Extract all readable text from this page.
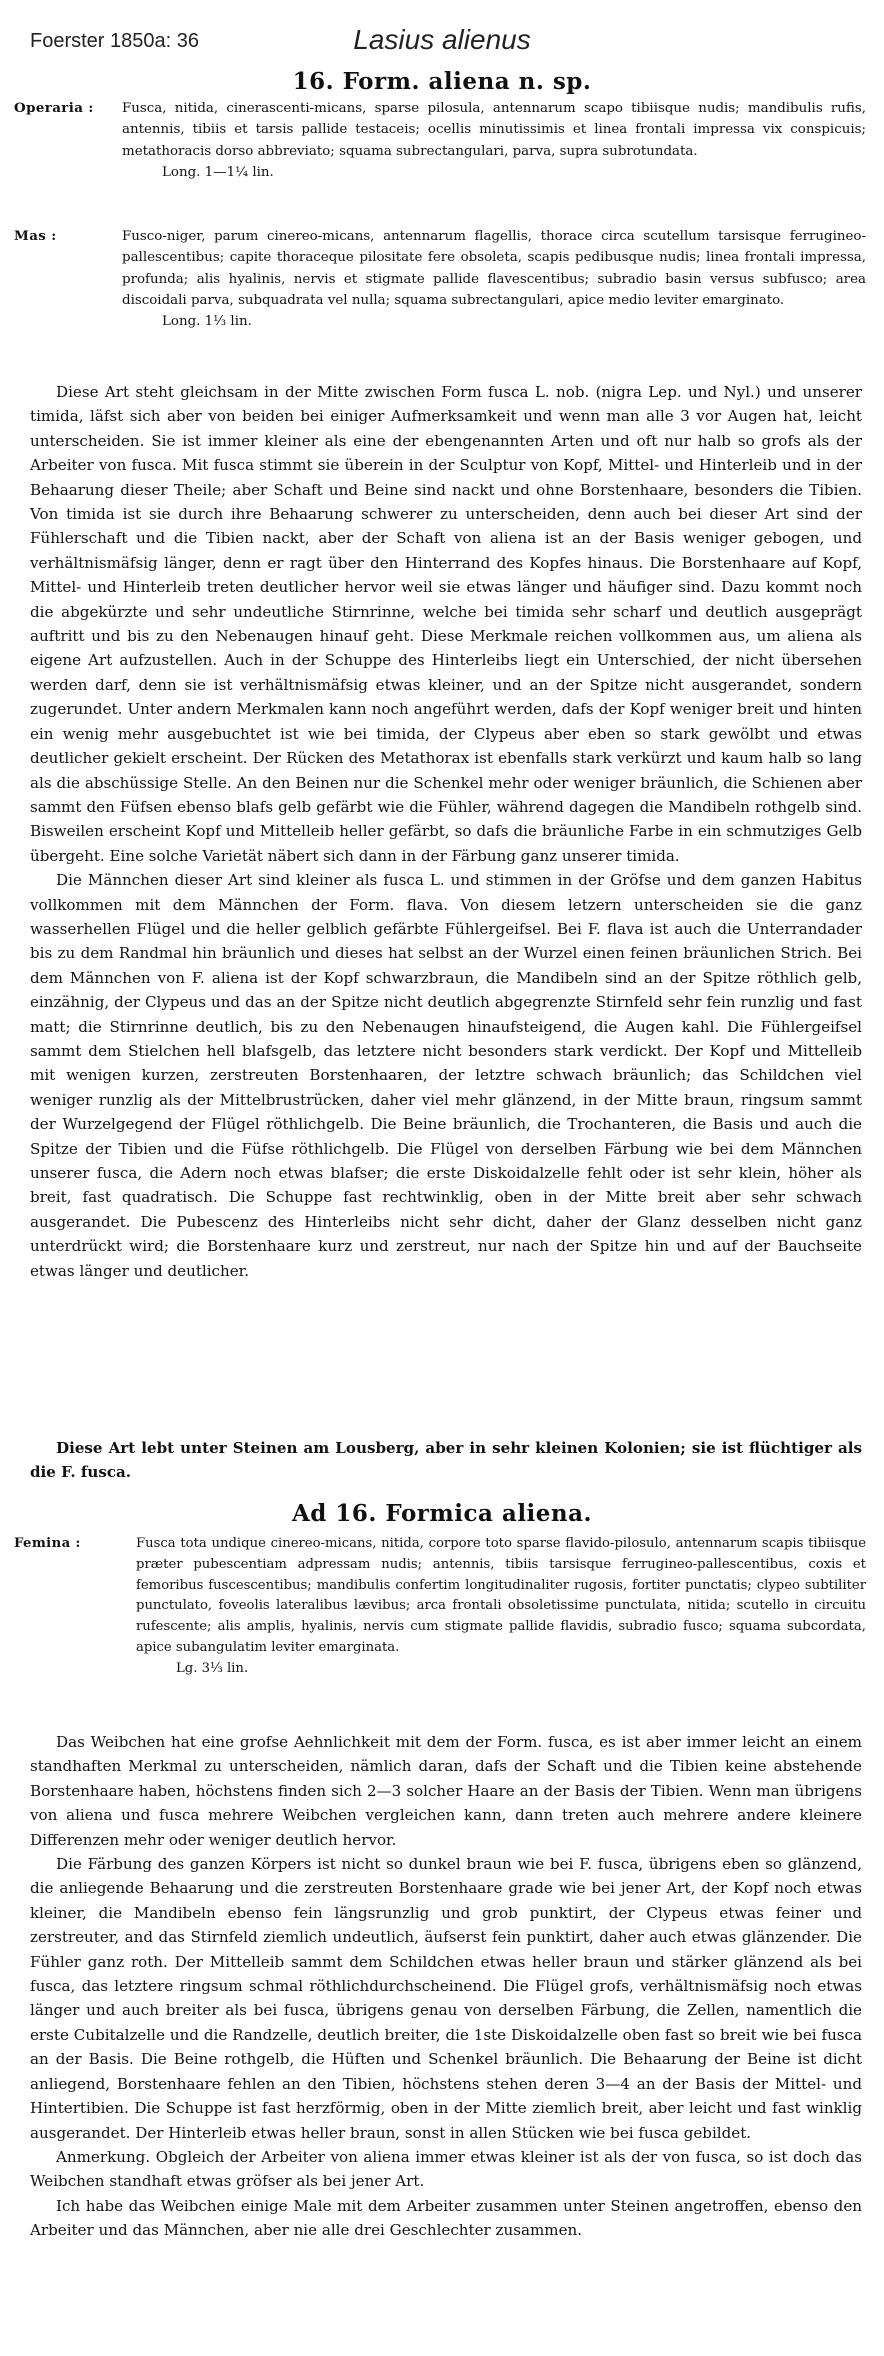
Foerster 1850a: 36	Lasius alienus
16. Form. aliena n. sp.
Operaria :	Fusca, nitida, cinerascenti-micans, sparse pilosula, antennarum scapo tibiisque nudis; mandibulis rufis, antennis, tibiis et tarsis pallide testaceis; ocellis minutissimis et linea frontali impressa vix conspicuis; metathoracis dorso abbreviato; squama subrectangulari, parva, supra subrotundata.
Long. 1—1¼ lin.
Mas :	Fusco-niger, parum cinereo-micans, antennarum flagellis, thorace circa scutellum tarsisque ferrugineo-pallescentibus; capite thoraceque pilositate fere obsoleta, scapis pedibusque nudis; linea frontali impressa, profunda; alis hyalinis, nervis et stigmate pallide flavescentibus; subradio basin versus subfusco; area discoidali parva, subquadrata vel nulla; squama subrectangulari, apice medio leviter emarginato.
Long. 1⅓ lin.

Diese Art steht gleichsam in der Mitte zwischen Form fusca L. nob. (nigra Lep. und Nyl.) und unserer timida, läfst sich aber von beiden bei einiger Aufmerksamkeit und wenn man alle 3 vor Augen hat, leicht unterscheiden. Sie ist immer kleiner als eine der ebengenannten Arten und oft nur halb so grofs als der Arbeiter von fusca. Mit fusca stimmt sie überein in der Sculptur von Kopf, Mittel- und Hinterleib und in der Behaarung dieser Theile; aber Schaft und Beine sind nackt und ohne Borstenhaare, besonders die Tibien. Von timida ist sie durch ihre Behaarung schwerer zu unterscheiden, denn auch bei dieser Art sind der Fühlerschaft und die Tibien nackt, aber der Schaft von aliena ist an der Basis weniger gebogen, und verhältnismäfsig länger, denn er ragt über den Hinterrand des Kopfes hinaus. Die Borstenhaare auf Kopf, Mittel- und Hinterleib treten deutlicher hervor weil sie etwas länger und häufiger sind. Dazu kommt noch die abgekürzte und sehr undeutliche Stirnrinne, welche bei timida sehr scharf und deutlich ausgeprägt auftritt und bis zu den Nebenaugen hinauf geht. Diese Merkmale reichen vollkommen aus, um aliena als eigene Art aufzustellen. Auch in der Schuppe des Hinterleibs liegt ein Unterschied, der nicht übersehen werden darf, denn sie ist verhältnismäfsig etwas kleiner, und an der Spitze nicht ausgerandet, sondern zugerundet. Unter andern Merkmalen kann noch angeführt werden, dafs der Kopf weniger breit und hinten ein wenig mehr ausgebuchtet ist wie bei timida, der Clypeus aber eben so stark gewölbt und etwas deutlicher gekielt erscheint. Der Rücken des Metathorax ist ebenfalls stark verkürzt und kaum halb so lang als die abschüssige Stelle. An den Beinen nur die Schenkel mehr oder weniger bräunlich, die Schienen aber sammt den Füfsen ebenso blafs gelb gefärbt wie die Fühler, während dagegen die Mandibeln rothgelb sind. Bisweilen erscheint Kopf und Mittelleib heller gefärbt, so dafs die bräunliche Farbe in ein schmutziges Gelb übergeht. Eine solche Varietät näbert sich dann in der Färbung ganz unserer timida.

Die Männchen dieser Art sind kleiner als fusca L. und stimmen in der Gröfse und dem ganzen Habitus vollkommen mit dem Männchen der Form. flava. Von diesem letzern unterscheiden sie die ganz wasserhellen Flügel und die heller gelblich gefärbte Fühlergeifsel. Bei F. flava ist auch die Unterrandader bis zu dem Randmal hin bräunlich und dieses hat selbst an der Wurzel einen feinen bräunlichen Strich. Bei dem Männchen von F. aliena ist der Kopf schwarzbraun, die Mandibeln sind an der Spitze röthlich gelb, einzähnig, der Clypeus und das an der Spitze nicht deutlich abgegrenzte Stirnfeld sehr fein runzlig und fast matt; die Stirnrinne deutlich, bis zu den Nebenaugen hinaufsteigend, die Augen kahl. Die Fühlergeifsel sammt dem Stielchen hell blafsgelb, das letztere nicht besonders stark verdickt. Der Kopf und Mittelleib mit wenigen kurzen, zerstreuten Borstenhaaren, der letztre schwach bräunlich; das Schildchen viel weniger runzlig als der Mittelbrustrücken, daher viel mehr glänzend, in der Mitte braun, ringsum sammt der Wurzelgegend der Flügel röthlichgelb. Die Beine bräunlich, die Trochanteren, die Basis und auch die Spitze der Tibien und die Füfse röthlichgelb. Die Flügel von derselben Färbung wie bei dem Männchen unserer fusca, die Adern noch etwas blafser; die erste Diskoidalzelle fehlt oder ist sehr klein, höher als breit, fast quadratisch. Die Schuppe fast rechtwinklig, oben in der Mitte breit aber sehr schwach ausgerandet. Die Pubescenz des Hinterleibs nicht sehr dicht, daher der Glanz desselben nicht ganz unterdrückt wird; die Borstenhaare kurz und zerstreut, nur nach der Spitze hin und auf der Bauchseite etwas länger und deutlicher.

Diese Art lebt unter Steinen am Lousberg, aber in sehr kleinen Kolonien; sie ist flüchtiger als die F. fusca.

Ad 16. Formica aliena.
Femina :	Fusca tota undique cinereo-micans, nitida, corpore toto sparse flavido-pilosulo, antennarum scapis tibiisque præter pubescentiam adpressam nudis; antennis, tibiis tarsisque ferrugineo-pallescentibus, coxis et femoribus fuscescentibus; mandibulis confertim longitudinaliter rugosis, fortiter punctatis; clypeo subtiliter punctulato, foveolis lateralibus lævibus; arca frontali obsoletissime punctulata, nitida; scutello in circuitu rufescente; alis amplis, hyalinis, nervis cum stigmate pallide flavidis, subradio fusco; squama subcordata, apice subangulatim leviter emarginata.
Lg. 3⅓ lin.

Das Weibchen hat eine grofse Aehnlichkeit mit dem der Form. fusca, es ist aber immer leicht an einem standhaften Merkmal zu unterscheiden, nämlich daran, dafs der Schaft und die Tibien keine abstehende Borstenhaare haben, höchstens finden sich 2—3 solcher Haare an der Basis der Tibien. Wenn man übrigens von aliena und fusca mehrere Weibchen vergleichen kann, dann treten auch mehrere andere kleinere Differenzen mehr oder weniger deutlich hervor.

Die Färbung des ganzen Körpers ist nicht so dunkel braun wie bei F. fusca, übrigens eben so glänzend, die anliegende Behaarung und die zerstreuten Borstenhaare grade wie bei jener Art, der Kopf noch etwas kleiner, die Mandibeln ebenso fein längsrunzlig und grob punktirt, der Clypeus etwas feiner und zerstreuter, and das Stirnfeld ziemlich undeutlich, äufserst fein punktirt, daher auch etwas glänzender. Die Fühler ganz roth. Der Mittelleib sammt dem Schildchen etwas heller braun und stärker glänzend als bei fusca, das letztere ringsum schmal röthlichdurchscheinend. Die Flügel grofs, verhältnismäfsig noch etwas länger und auch breiter als bei fusca, übrigens genau von derselben Färbung, die Zellen, namentlich die erste Cubitalzelle und die Randzelle, deutlich breiter, die 1ste Diskoidalzelle oben fast so breit wie bei fusca an der Basis. Die Beine rothgelb, die Hüften und Schenkel bräunlich. Die Behaarung der Beine ist dicht anliegend, Borstenhaare fehlen an den Tibien, höchstens stehen deren 3—4 an der Basis der Mittel- und Hintertibien. Die Schuppe ist fast herzförmig, oben in der Mitte ziemlich breit, aber leicht und fast winklig ausgerandet. Der Hinterleib etwas heller braun, sonst in allen Stücken wie bei fusca gebildet.

Anmerkung. Obgleich der Arbeiter von aliena immer etwas kleiner ist als der von fusca, so ist doch das Weibchen standhaft etwas gröfser als bei jener Art.

Ich habe das Weibchen einige Male mit dem Arbeiter zusammen unter Steinen angetroffen, ebenso den Arbeiter und das Männchen, aber nie alle drei Geschlechter zusammen.
